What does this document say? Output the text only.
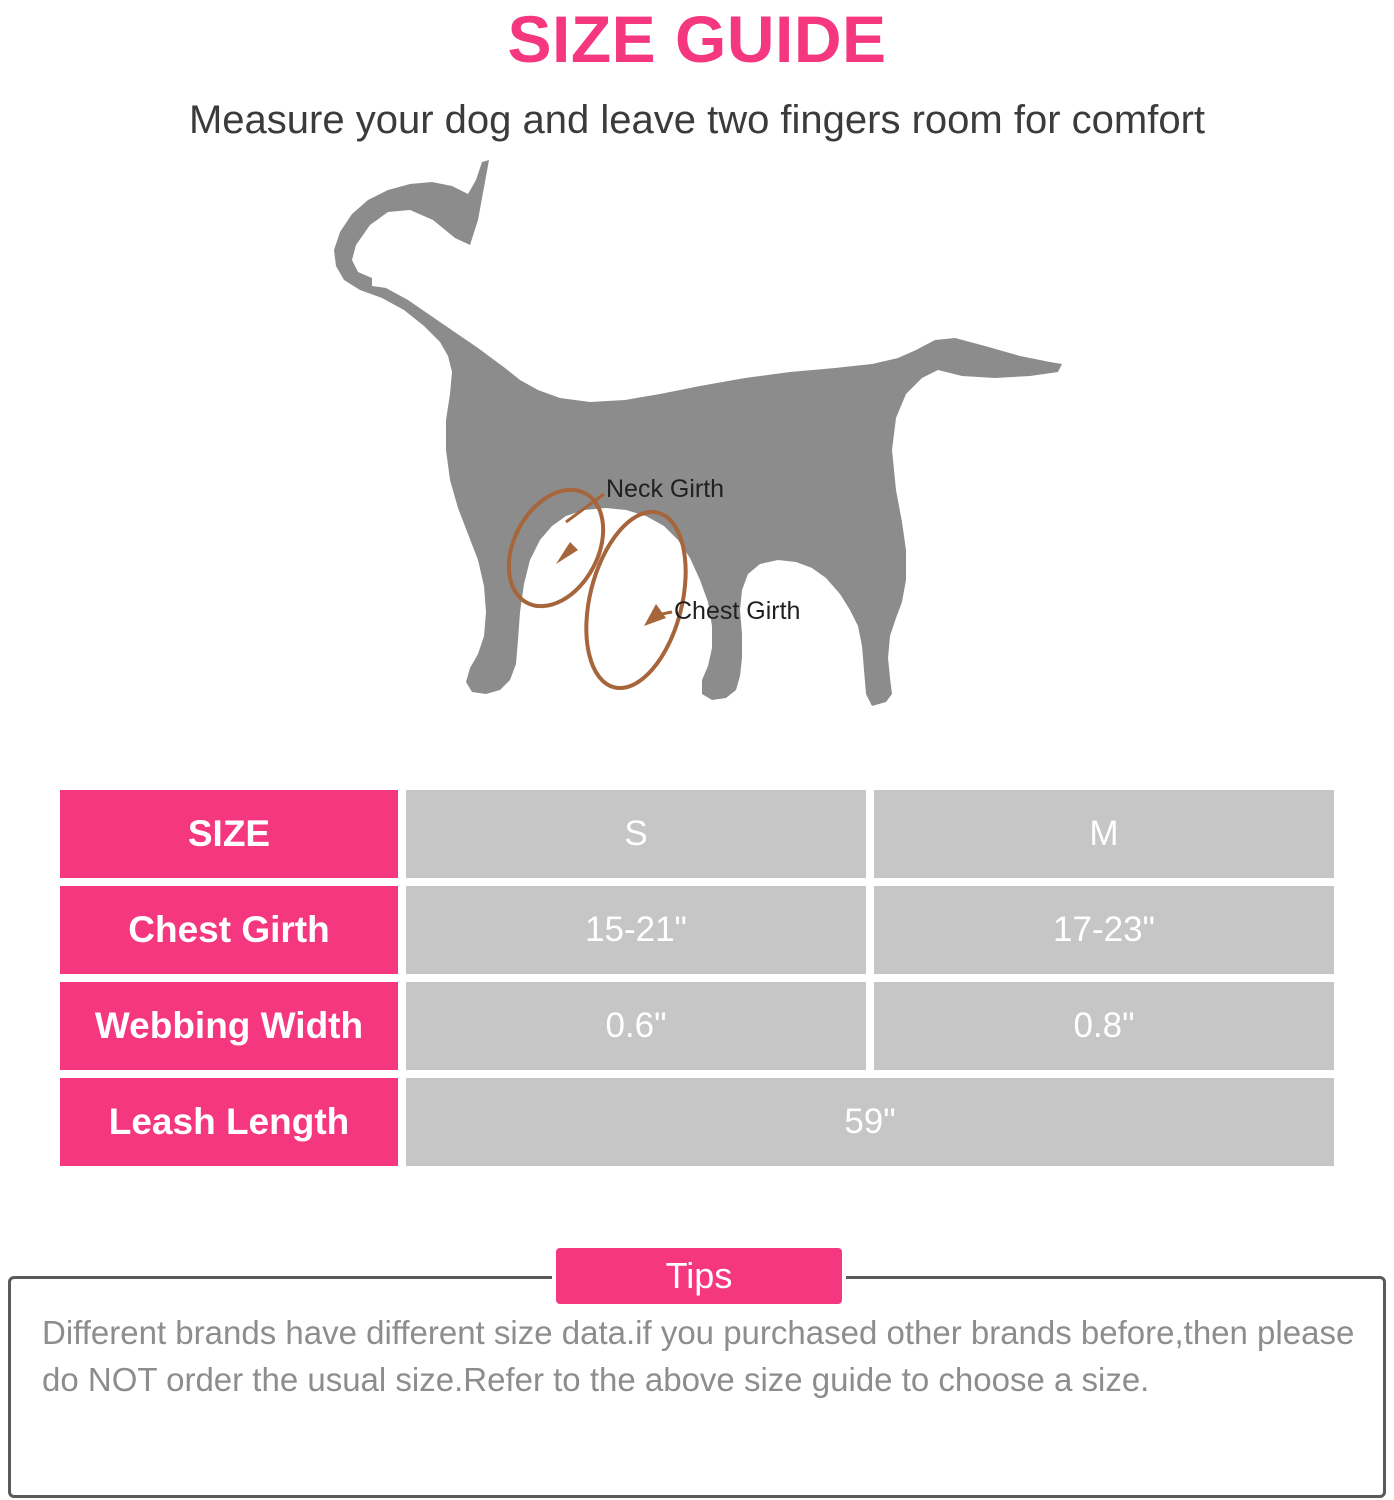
SIZE GUIDE
Measure your dog and leave two fingers room for comfort
Neck Girth
Chest Girth
SIZE	S	M
Chest Girth	15-21"	17-23"
Webbing Width	0.6"	0.8"
Leash Length	59"
Tips
Different brands have different size data.if you purchased other brands before,then please do NOT order the usual size.Refer to the above size guide to choose a size.
